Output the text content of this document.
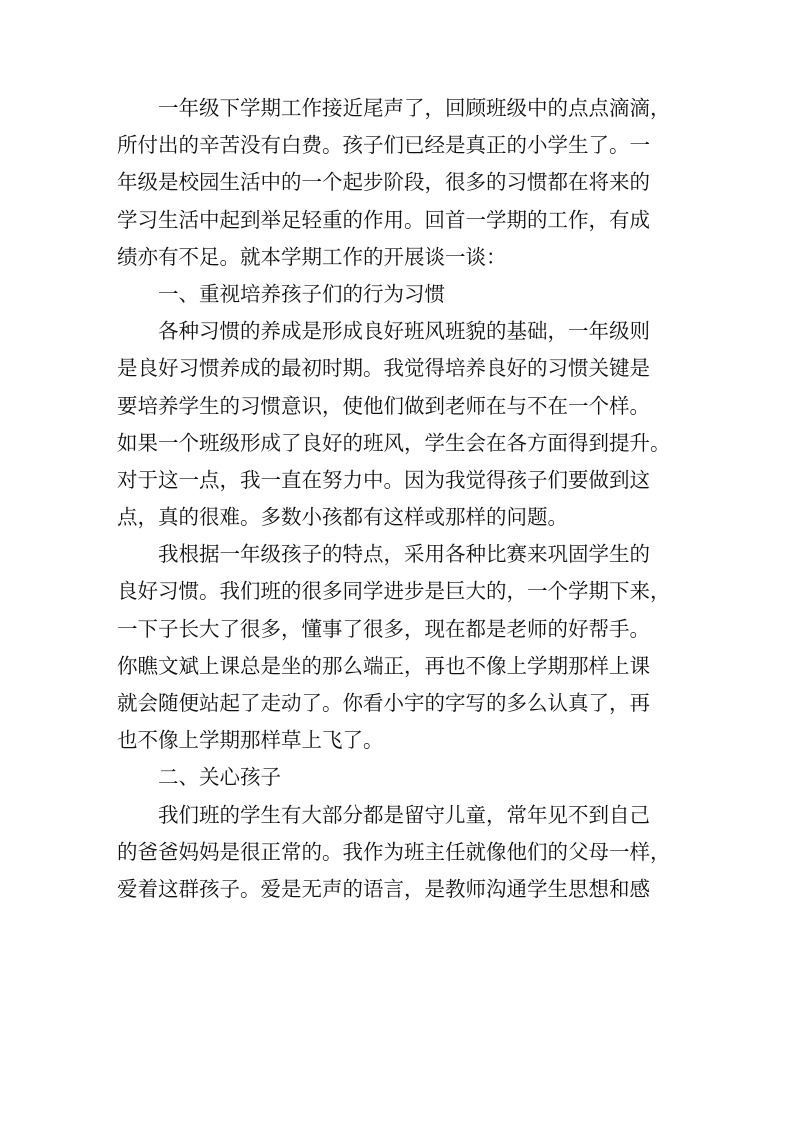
一年级下学期工作接近尾声了，回顾班级中的点点滴滴，
所付出的辛苦没有白费。孩子们已经是真正的小学生了。一
年级是校园生活中的一个起步阶段，很多的习惯都在将来的
学习生活中起到举足轻重的作用。回首一学期的工作，有成
绩亦有不足。就本学期工作的开展谈一谈：
一、重视培养孩子们的行为习惯
各种习惯的养成是形成良好班风班貌的基础，一年级则
是良好习惯养成的最初时期。我觉得培养良好的习惯关键是
要培养学生的习惯意识，使他们做到老师在与不在一个样。
如果一个班级形成了良好的班风，学生会在各方面得到提升。
对于这一点，我一直在努力中。因为我觉得孩子们要做到这
点，真的很难。多数小孩都有这样或那样的问题。
我根据一年级孩子的特点，采用各种比赛来巩固学生的
良好习惯。我们班的很多同学进步是巨大的，一个学期下来，
一下子长大了很多，懂事了很多，现在都是老师的好帮手。
你瞧文斌上课总是坐的那么端正，再也不像上学期那样上课
就会随便站起了走动了。你看小宇的字写的多么认真了，再
也不像上学期那样草上飞了。
二、关心孩子
我们班的学生有大部分都是留守儿童，常年见不到自己
的爸爸妈妈是很正常的。我作为班主任就像他们的父母一样，
爱着这群孩子。爱是无声的语言，是教师沟通学生思想和感
